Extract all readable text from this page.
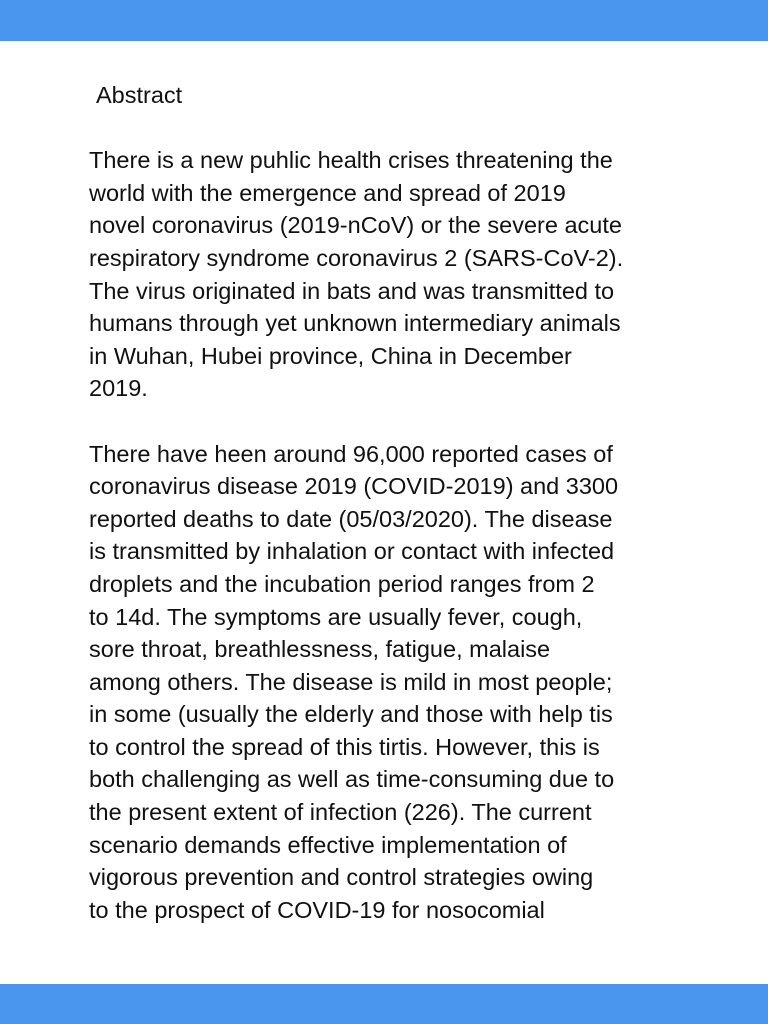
Abstract
There is a new puhlic health crises threatening the
world with the emergence and spread of 2019
novel coronavirus (2019-nCoV) or the severe acute
respiratory syndrome coronavirus 2 (SARS-CoV-2).
The virus originated in bats and was transmitted to
humans through yet unknown intermediary animals
in Wuhan, Hubei province, China in December
2019.
There have heen around 96,000 reported cases of
coronavirus disease 2019 (COVID-2019) and 3300
reported deaths to date (05/03/2020). The disease
is transmitted by inhalation or contact with infected
droplets and the incubation period ranges from 2
to 14d. The symptoms are usually fever, cough,
sore throat, breathlessness, fatigue, malaise
among others. The disease is mild in most people;
in some (usually the elderly and those with help tis
to control the spread of this tirtis. However, this is
both challenging as well as time-consuming due to
the present extent of infection (226). The current
scenario demands effective implementation of
vigorous prevention and control strategies owing
to the prospect of COVID-19 for nosocomial
